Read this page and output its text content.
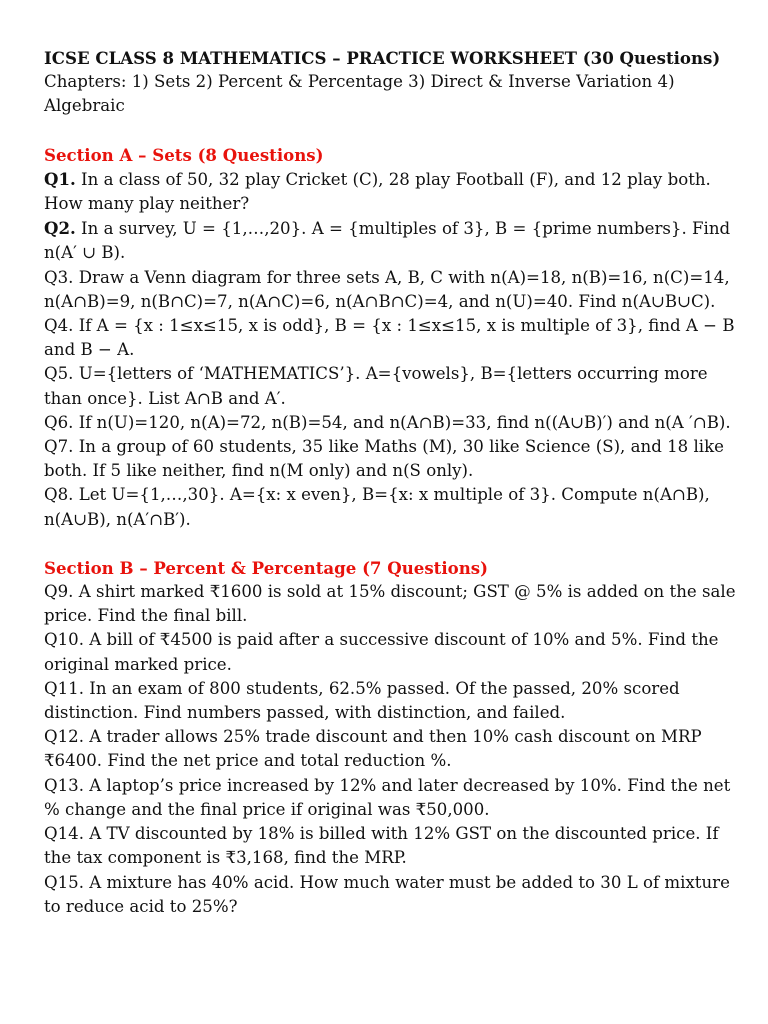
ICSE CLASS 8 MATHEMATICS – PRACTICE WORKSHEET (30 Questions)

Chapters: 1) Sets 2) Percent & Percentage 3) Direct & Inverse Variation 4) Algebraic

Section A – Sets (8 Questions)

Q1. In a class of 50, 32 play Cricket (C), 28 play Football (F), and 12 play both. How many play neither?

Q2. In a survey, U = {1,…,20}. A = {multiples of 3}, B = {prime numbers}. Find n(A′ ∪ B).

Q3. Draw a Venn diagram for three sets A, B, C with n(A)=18, n(B)=16, n(C)=14, n(A∩B)=9, n(B∩C)=7, n(A∩C)=6, n(A∩B∩C)=4, and n(U)=40. Find n(A∪B∪C).

Q4. If A = {x : 1≤x≤15, x is odd}, B = {x : 1≤x≤15, x is multiple of 3}, find A − B and B − A.

Q5. U={letters of ‘MATHEMATICS’}. A={vowels}, B={letters occurring more than once}. List A∩B and A′.

Q6. If n(U)=120, n(A)=72, n(B)=54, and n(A∩B)=33, find n((A∪B)′) and n(A ′∩B).

Q7. In a group of 60 students, 35 like Maths (M), 30 like Science (S), and 18 like both. If 5 like neither, find n(M only) and n(S only).

Q8. Let U={1,…,30}. A={x: x even}, B={x: x multiple of 3}. Compute n(A∩B), n(A∪B), n(A′∩B′).

Section B – Percent & Percentage (7 Questions)

Q9. A shirt marked ₹1600 is sold at 15% discount; GST @ 5% is added on the sale price. Find the final bill.

Q10. A bill of ₹4500 is paid after a successive discount of 10% and 5%. Find the original marked price.

Q11. In an exam of 800 students, 62.5% passed. Of the passed, 20% scored distinction. Find numbers passed, with distinction, and failed.

Q12. A trader allows 25% trade discount and then 10% cash discount on MRP ₹6400. Find the net price and total reduction %.

Q13. A laptop’s price increased by 12% and later decreased by 10%. Find the net % change and the final price if original was ₹50,000.

Q14. A TV discounted by 18% is billed with 12% GST on the discounted price. If the tax component is ₹3,168, find the MRP.

Q15. A mixture has 40% acid. How much water must be added to 30 L of mixture to reduce acid to 25%?
